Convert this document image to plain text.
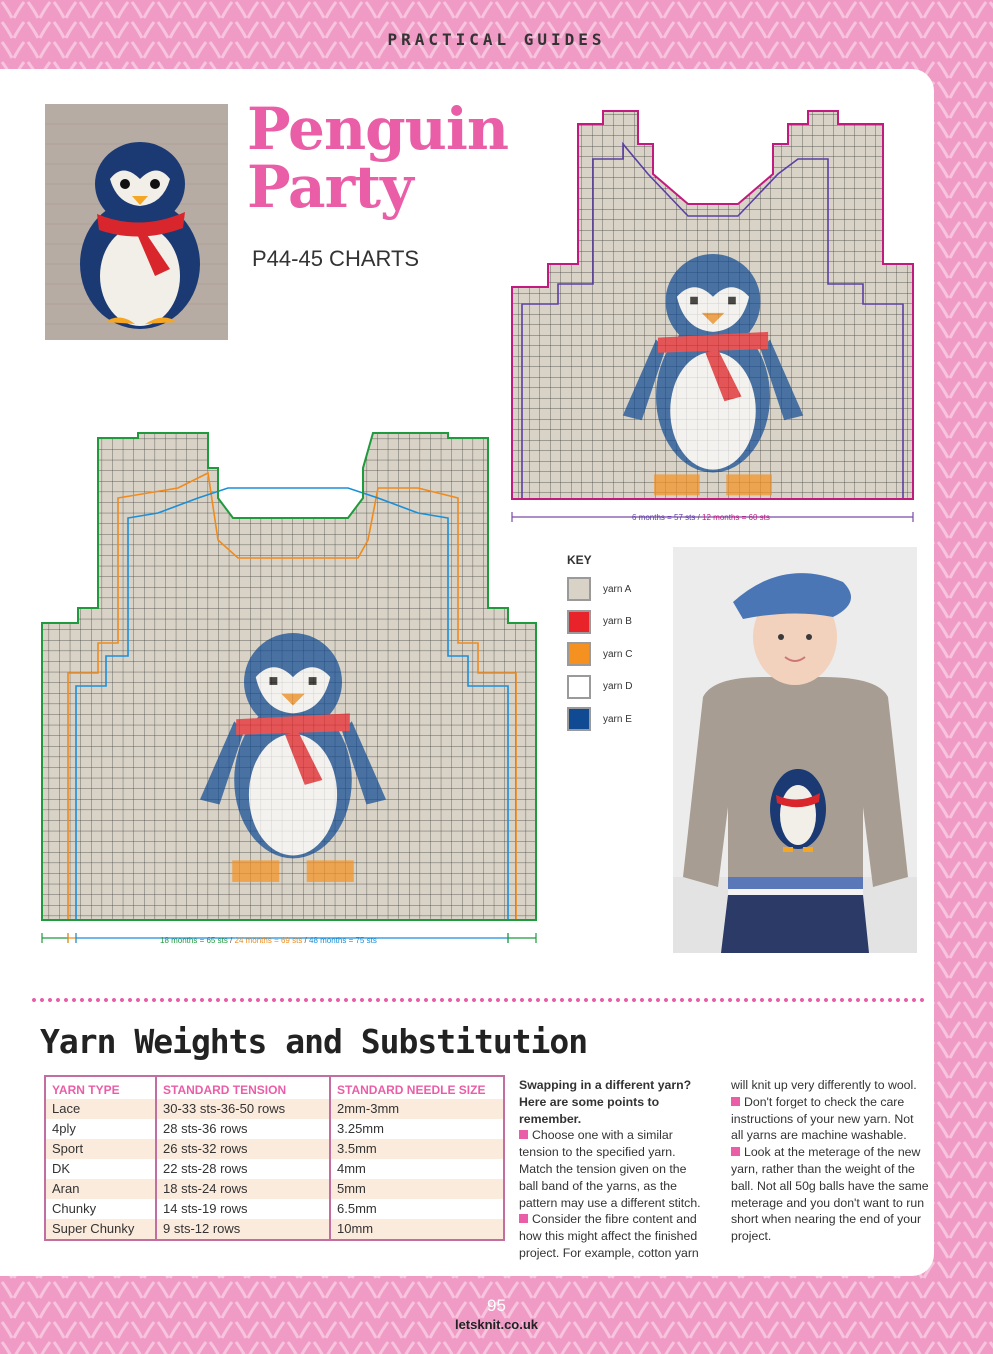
PRACTICAL GUIDES
Penguin
Party
P44-45 CHARTS
6 months = 57 sts / 12 months = 60 sts
18 months = 65 sts / 24 months = 69 sts / 48 months = 75 sts
KEY
yarn A
yarn B
yarn C
yarn D
yarn E
Yarn Weights and Substitution
YARN TYPE	STANDARD TENSION	STANDARD NEEDLE SIZE
Lace	30-33 sts-36-50 rows	2mm-3mm
4ply	28 sts-36 rows	3.25mm
Sport	26 sts-32 rows	3.5mm
DK	22 sts-28 rows	4mm
Aran	18 sts-24 rows	5mm
Chunky	14 sts-19 rows	6.5mm
Super Chunky	9 sts-12 rows	10mm

Swapping in a different yarn? Here are some points to remember.

Choose one with a similar tension to the specified yarn. Match the tension given on the ball band of the yarns, as the pattern may use a different stitch.

Consider the fibre content and how this might affect the finished project. For example, cotton yarn

will knit up very differently to wool.

Don't forget to check the care instructions of your new yarn. Not all yarns are machine washable.

Look at the meterage of the new yarn, rather than the weight of the ball. Not all 50g balls have the same meterage and you don't want to run short when nearing the end of your project.

95
letsknit.co.uk
